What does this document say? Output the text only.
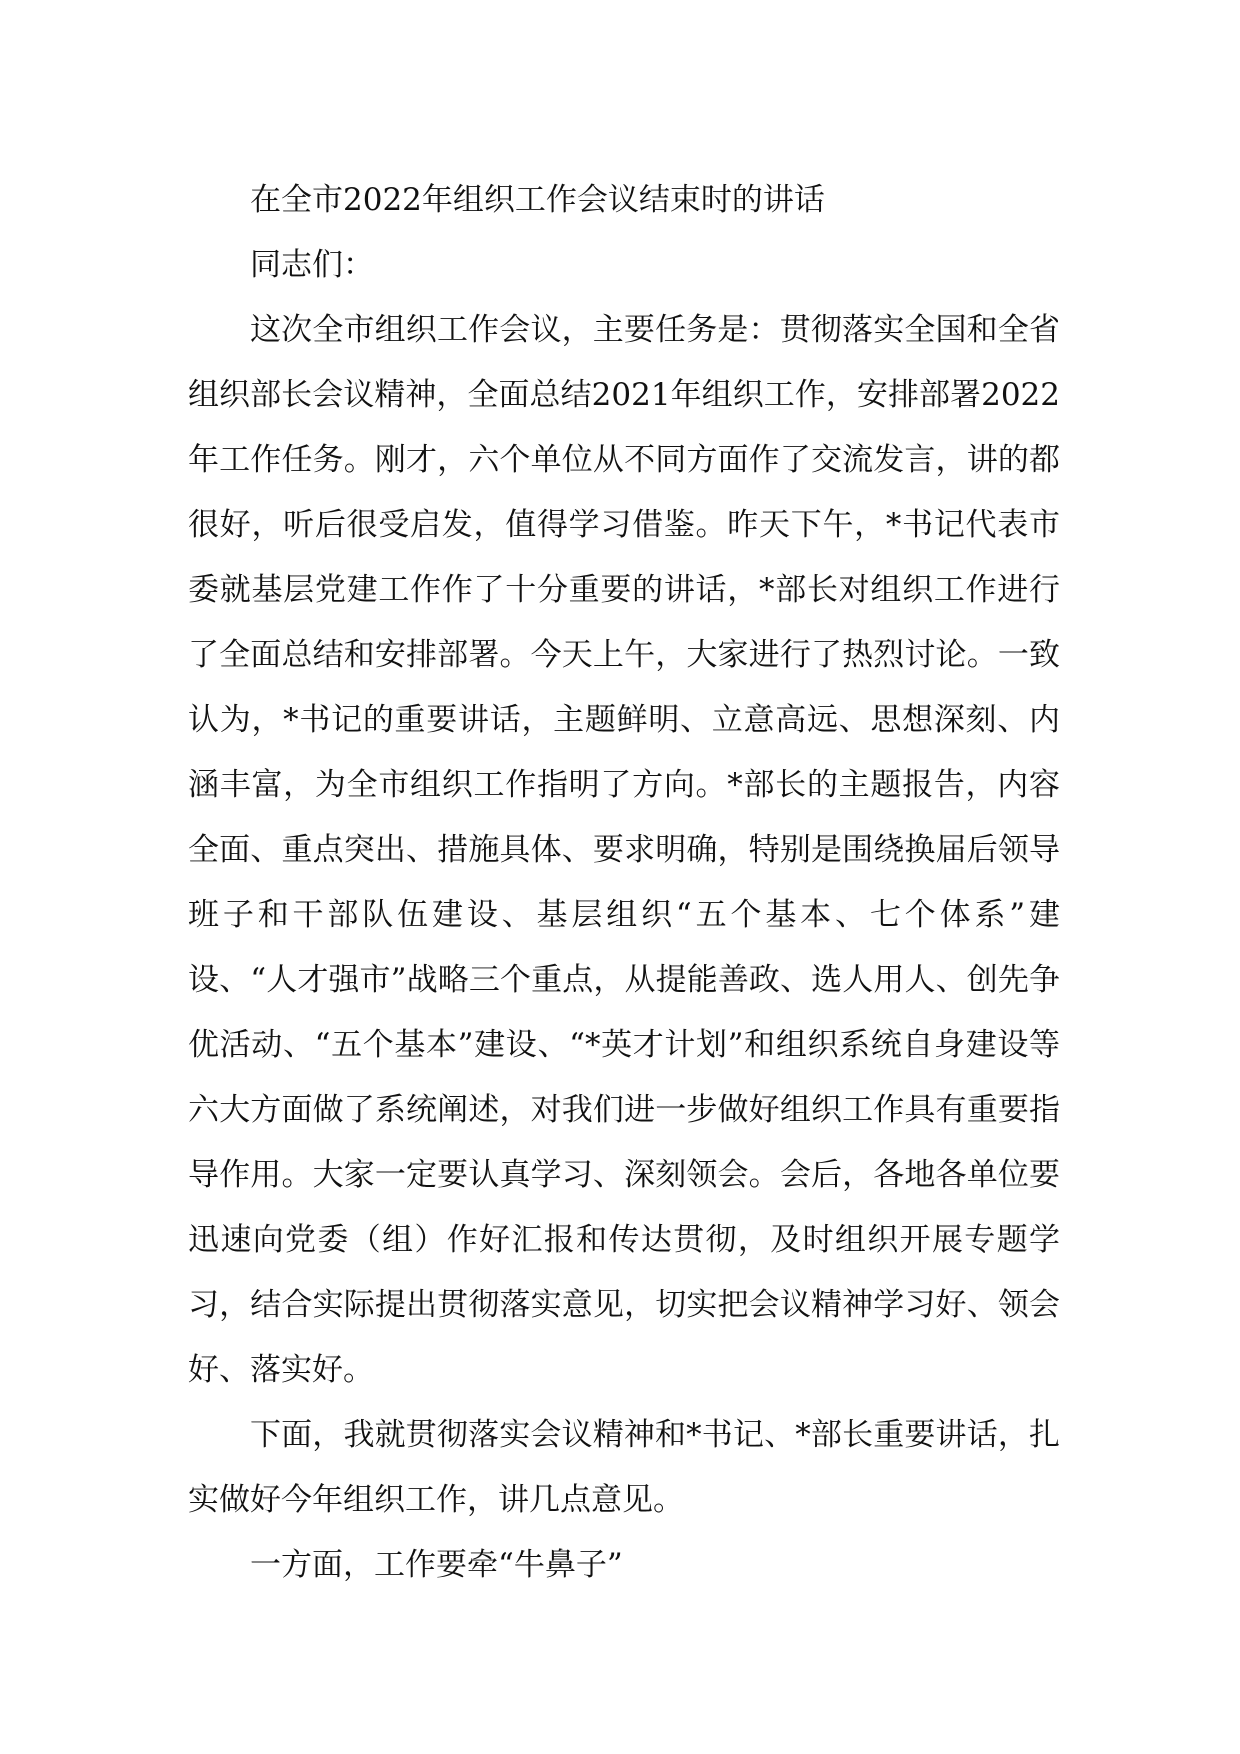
在全市2022年组织工作会议结束时的讲话

同志们：

这次全市组织工作会议，主要任务是：贯彻落实全国和全省组织部长会议精神，全面总结2021年组织工作，安排部署2022年工作任务。刚才，六个单位从不同方面作了交流发言，讲的都很好，听后很受启发，值得学习借鉴。昨天下午，*书记代表市委就基层党建工作作了十分重要的讲话，*部长对组织工作进行了全面总结和安排部署。今天上午，大家进行了热烈讨论。一致认为，*书记的重要讲话，主题鲜明、立意高远、思想深刻、内涵丰富，为全市组织工作指明了方向。*部长的主题报告，内容全面、重点突出、措施具体、要求明确，特别是围绕换届后领导班子和干部队伍建设、基层组织“五个基本、七个体系”建设、“人才强市”战略三个重点，从提能善政、选人用人、创先争优活动、“五个基本”建设、“*英才计划”和组织系统自身建设等六大方面做了系统阐述，对我们进一步做好组织工作具有重要指导作用。大家一定要认真学习、深刻领会。会后，各地各单位要迅速向党委（组）作好汇报和传达贯彻，及时组织开展专题学习，结合实际提出贯彻落实意见，切实把会议精神学习好、领会好、落实好。

下面，我就贯彻落实会议精神和*书记、*部长重要讲话，扎实做好今年组织工作，讲几点意见。

一方面，工作要牵“牛鼻子”
